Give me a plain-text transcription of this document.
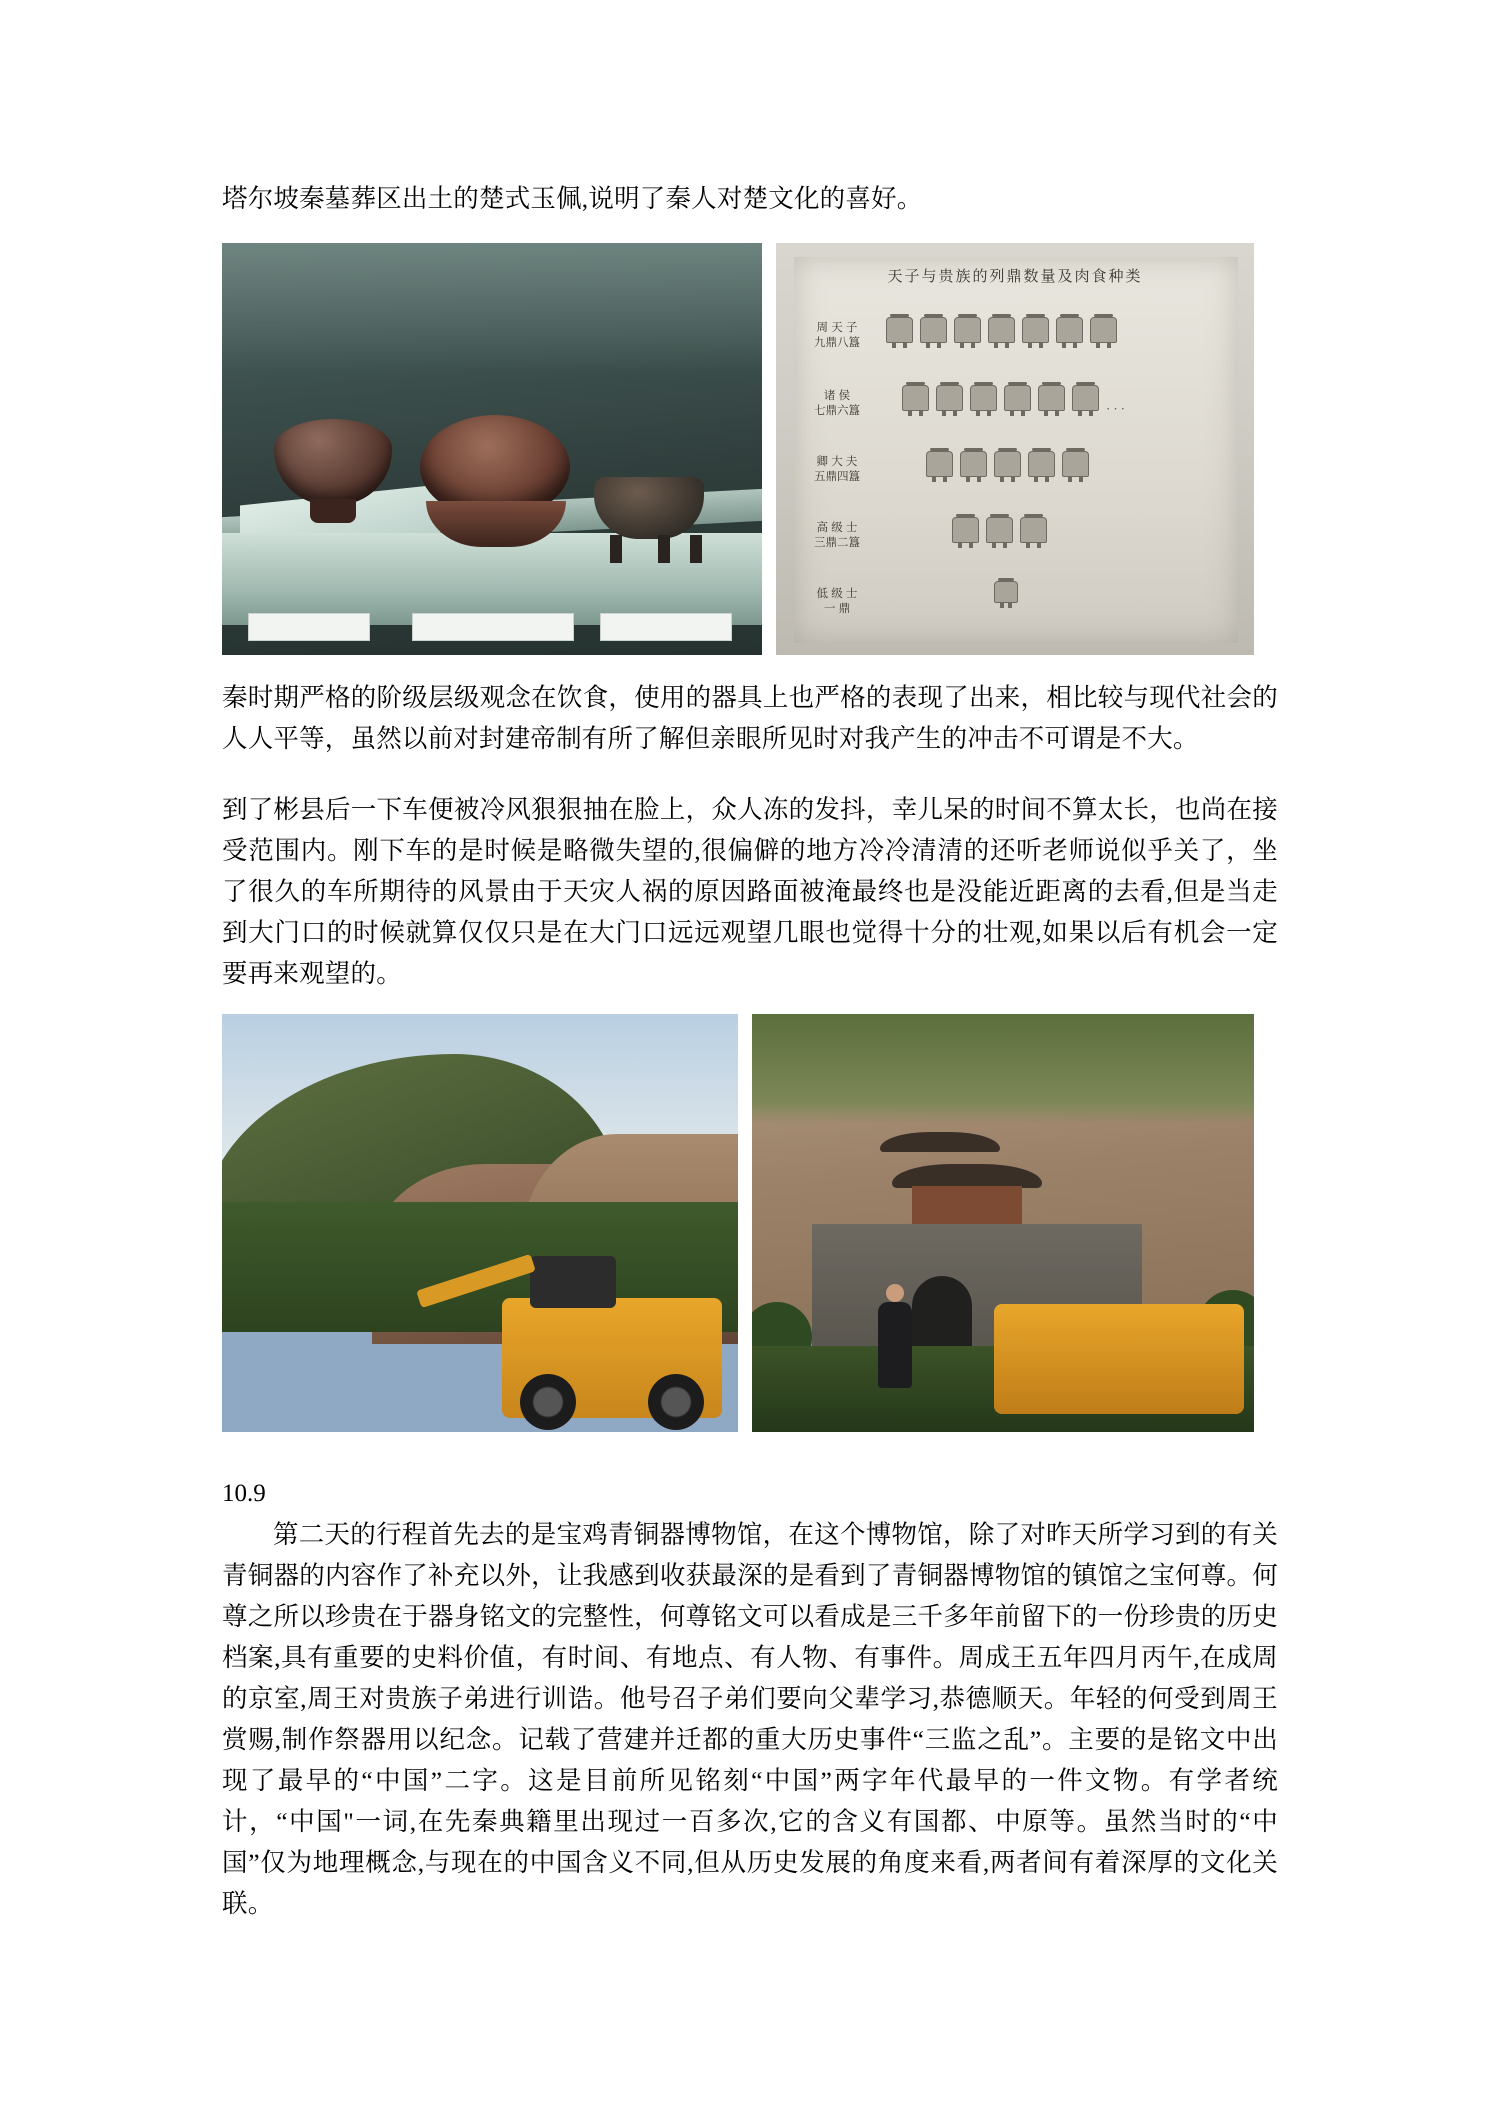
塔尔坡秦墓葬区出土的楚式玉佩,说明了秦人对楚文化的喜好。

天子与贵族的列鼎数量及肉食种类
周 天 子
九鼎八簋
诸 侯
七鼎六簋	···
卿 大 夫
五鼎四簋
高 级 士
三鼎二簋
低 级 士
一 鼎

秦时期严格的阶级层级观念在饮食，使用的器具上也严格的表现了出来，相比较与现代社会的人人平等，虽然以前对封建帝制有所了解但亲眼所见时对我产生的冲击不可谓是不大。

到了彬县后一下车便被冷风狠狠抽在脸上，众人冻的发抖，幸儿呆的时间不算太长，也尚在接受范围内。刚下车的是时候是略微失望的,很偏僻的地方冷冷清清的还听老师说似乎关了，坐了很久的车所期待的风景由于天灾人祸的原因路面被淹最终也是没能近距离的去看,但是当走到大门口的时候就算仅仅只是在大门口远远观望几眼也觉得十分的壮观,如果以后有机会一定要再来观望的。

10.9

第二天的行程首先去的是宝鸡青铜器博物馆，在这个博物馆，除了对昨天所学习到的有关青铜器的内容作了补充以外，让我感到收获最深的是看到了青铜器博物馆的镇馆之宝何尊。何尊之所以珍贵在于器身铭文的完整性，何尊铭文可以看成是三千多年前留下的一份珍贵的历史档案,具有重要的史料价值，有时间、有地点、有人物、有事件。周成王五年四月丙午,在成周的京室,周王对贵族子弟进行训诰。他号召子弟们要向父辈学习,恭德顺天。年轻的何受到周王赏赐,制作祭器用以纪念。记载了营建并迁都的重大历史事件“三监之乱”。主要的是铭文中出现了最早的“中国”二字。这是目前所见铭刻“中国”两字年代最早的一件文物。有学者统计，“中国"一词,在先秦典籍里出现过一百多次,它的含义有国都、中原等。虽然当时的“中国”仅为地理概念,与现在的中国含义不同,但从历史发展的角度来看,两者间有着深厚的文化关联。
